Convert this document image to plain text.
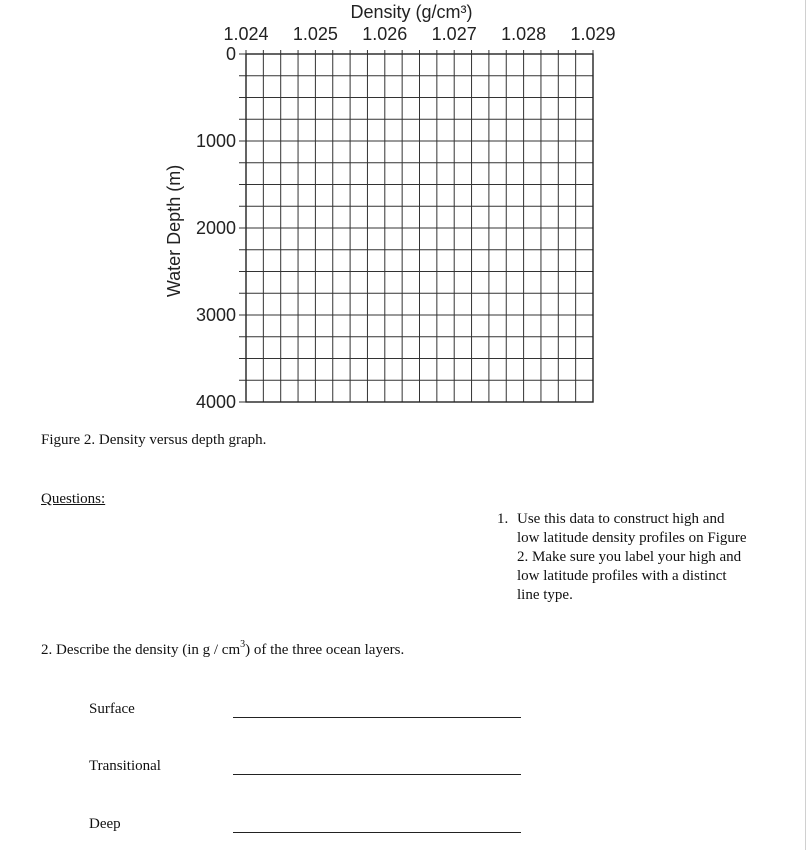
1.024 1.025 1.026 1.027 1.028 1.029
0
1000
2000
3000
4000
Density (g/cm³)
Water Depth (m)
Figure 2. Density versus depth graph.
Questions:
1. Use this data to construct high and low latitude density profiles on Figure 2. Make sure you label your high and low latitude profiles with a distinct line type.
2. Describe the density (in g / $cm^3$) of the three ocean layers.
Surface
Transitional
Deep
